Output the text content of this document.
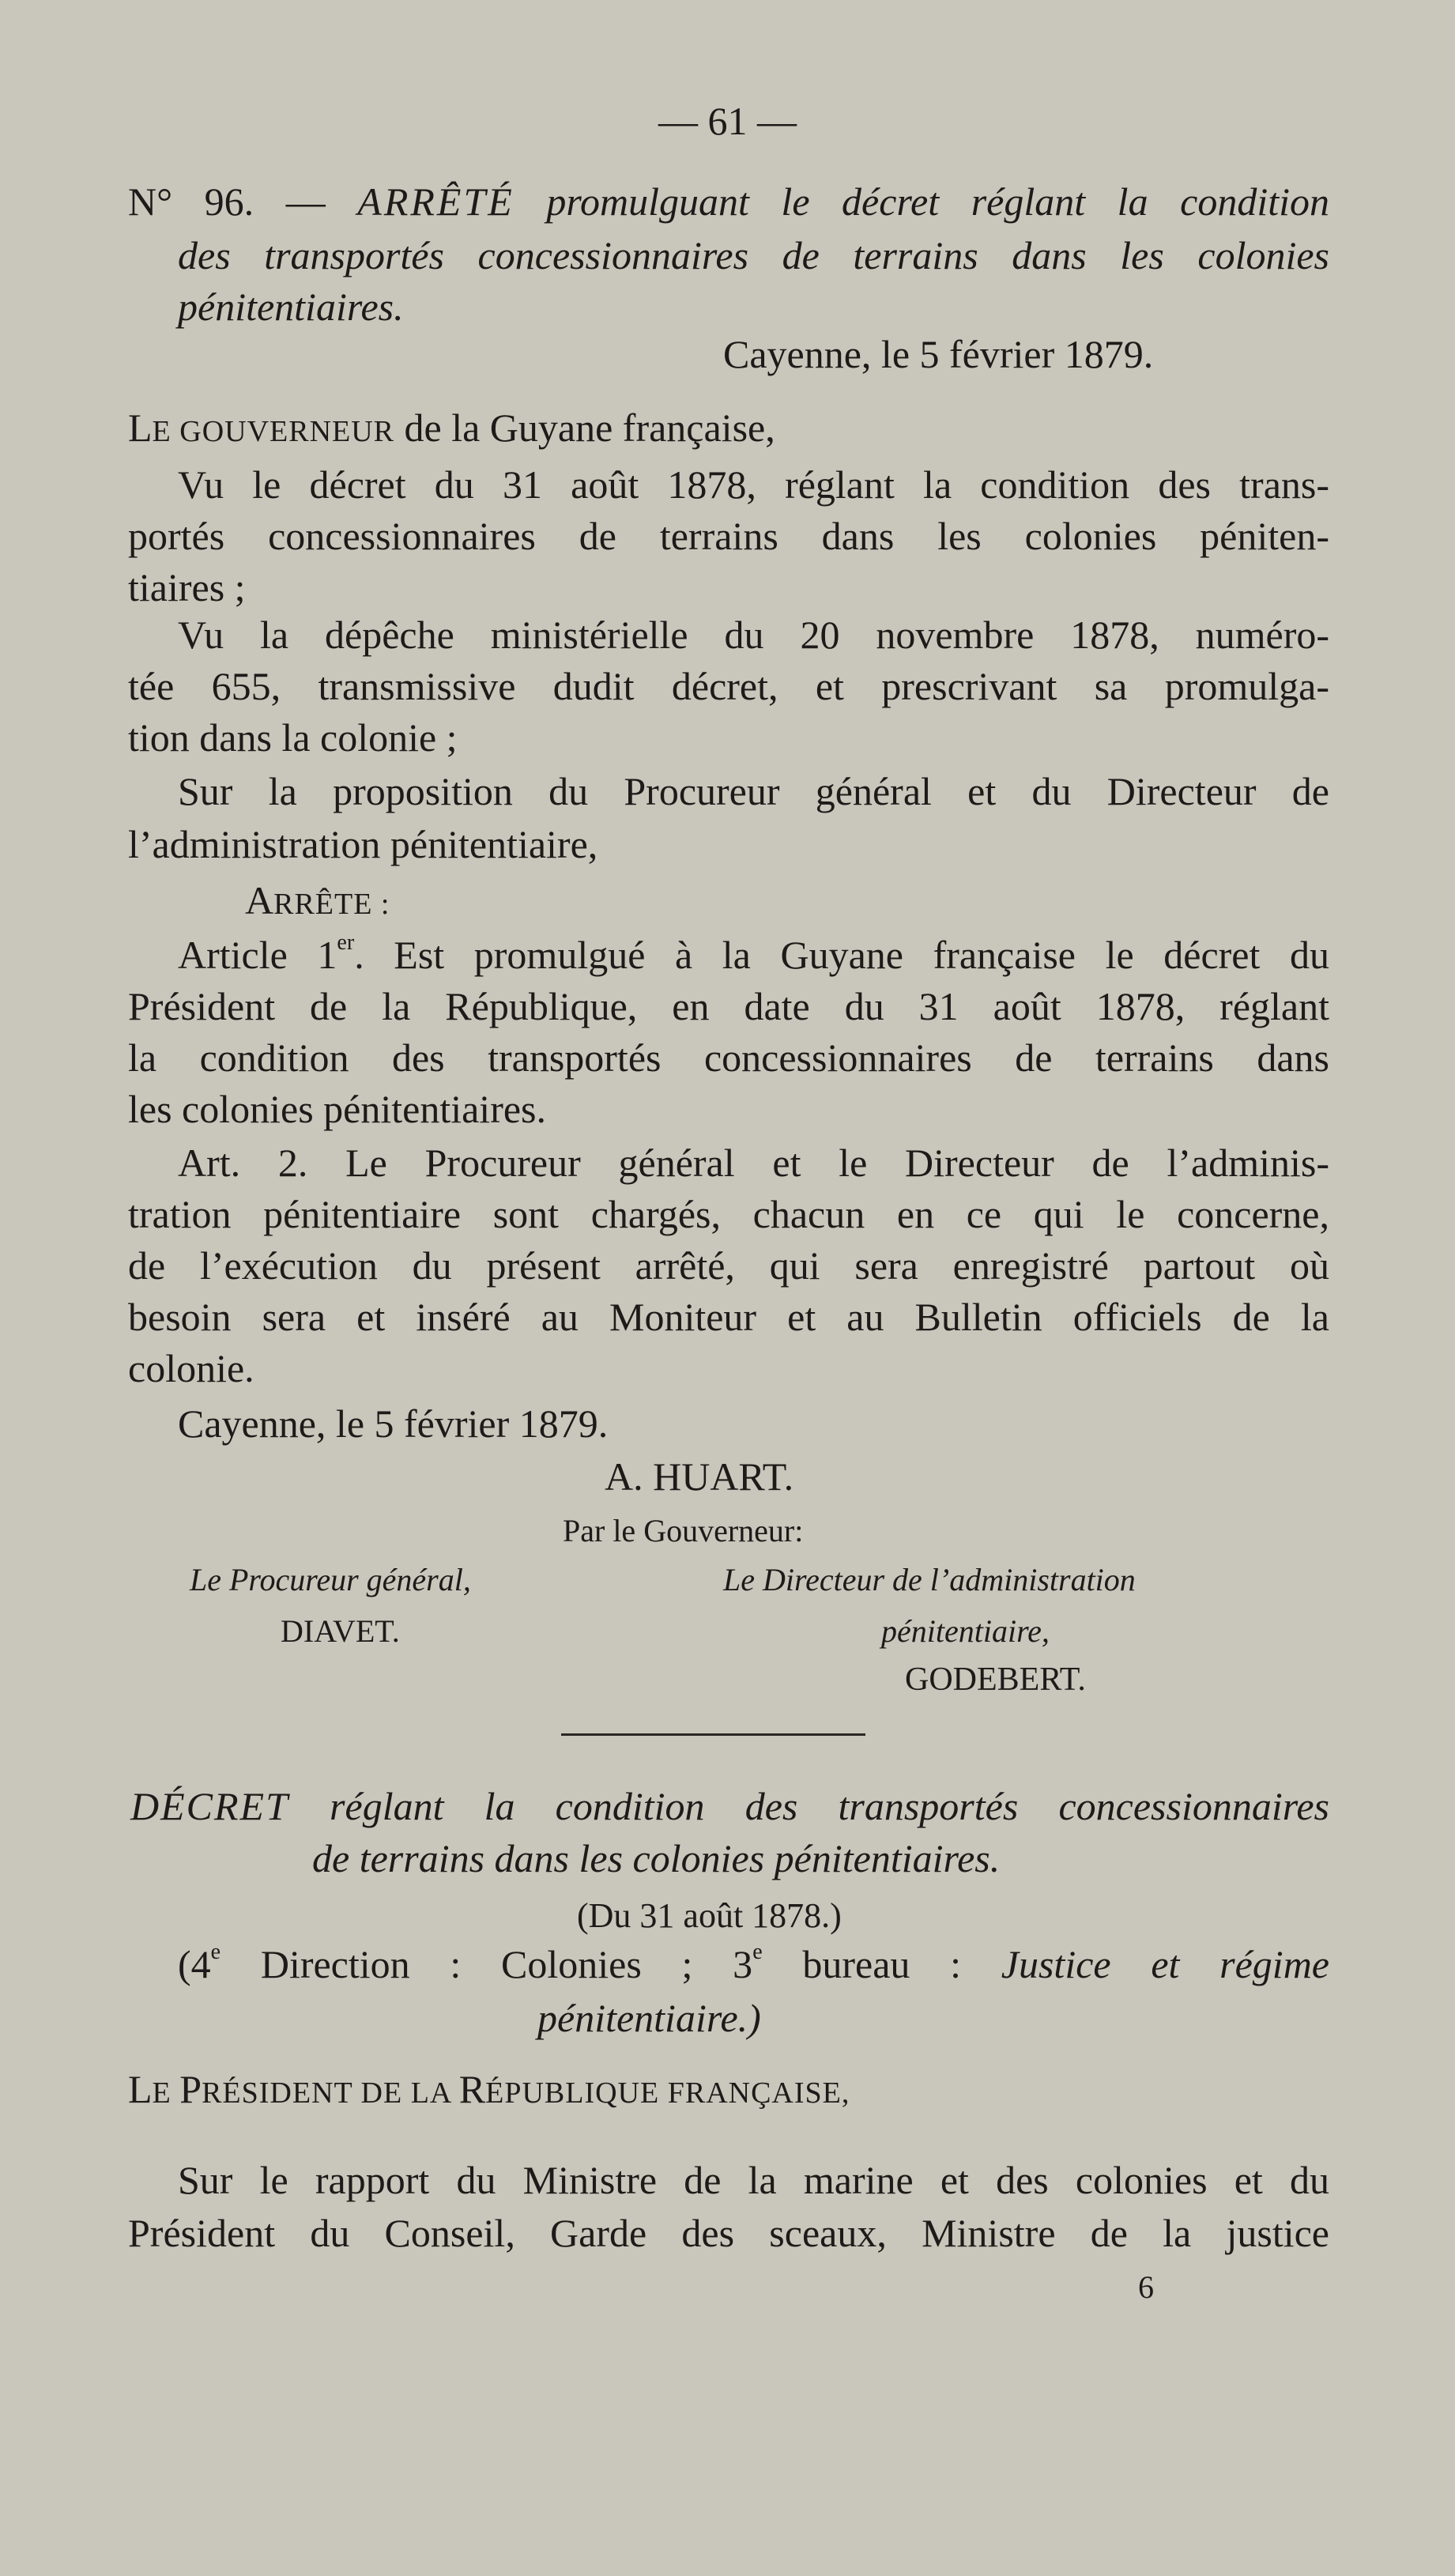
— 61 —
N° 96. — ARRÊTÉ promulguant le décret réglant la condition
des transportés concessionnaires de terrains dans les colonies
pénitentiaires.
Cayenne, le 5 février 1879.
LE GOUVERNEUR de la Guyane française,
Vu le décret du 31 août 1878, réglant la condition des trans-
portés concessionnaires de terrains dans les colonies péniten-
tiaires ;
Vu la dépêche ministérielle du 20 novembre 1878, numéro-
tée 655, transmissive dudit décret, et prescrivant sa promulga-
tion dans la colonie ;
Sur la proposition du Procureur général et du Directeur de
l’administration pénitentiaire,
ARRÊTE :
Article 1er. Est promulgué à la Guyane française le décret du
Président de la République, en date du 31 août 1878, réglant
la condition des transportés concessionnaires de terrains dans
les colonies pénitentiaires.
Art. 2. Le Procureur général et le Directeur de l’adminis-
tration pénitentiaire sont chargés, chacun en ce qui le concerne,
de l’exécution du présent arrêté, qui sera enregistré partout où
besoin sera et inséré au Moniteur et au Bulletin officiels de la
colonie.
Cayenne, le 5 février 1879.
A. HUART.
Par le Gouverneur:
Le Procureur général,	Le Directeur de l’administration
DIAVET.	pénitentiaire,
GODEBERT.
DÉCRET réglant la condition des transportés concessionnaires
de terrains dans les colonies pénitentiaires.
(Du 31 août 1878.)
(4e Direction : Colonies ; 3e bureau : Justice et régime
pénitentiaire.)
LE PRÉSIDENT DE LA RÉPUBLIQUE FRANÇAISE,
Sur le rapport du Ministre de la marine et des colonies et du
Président du Conseil, Garde des sceaux, Ministre de la justice
6
